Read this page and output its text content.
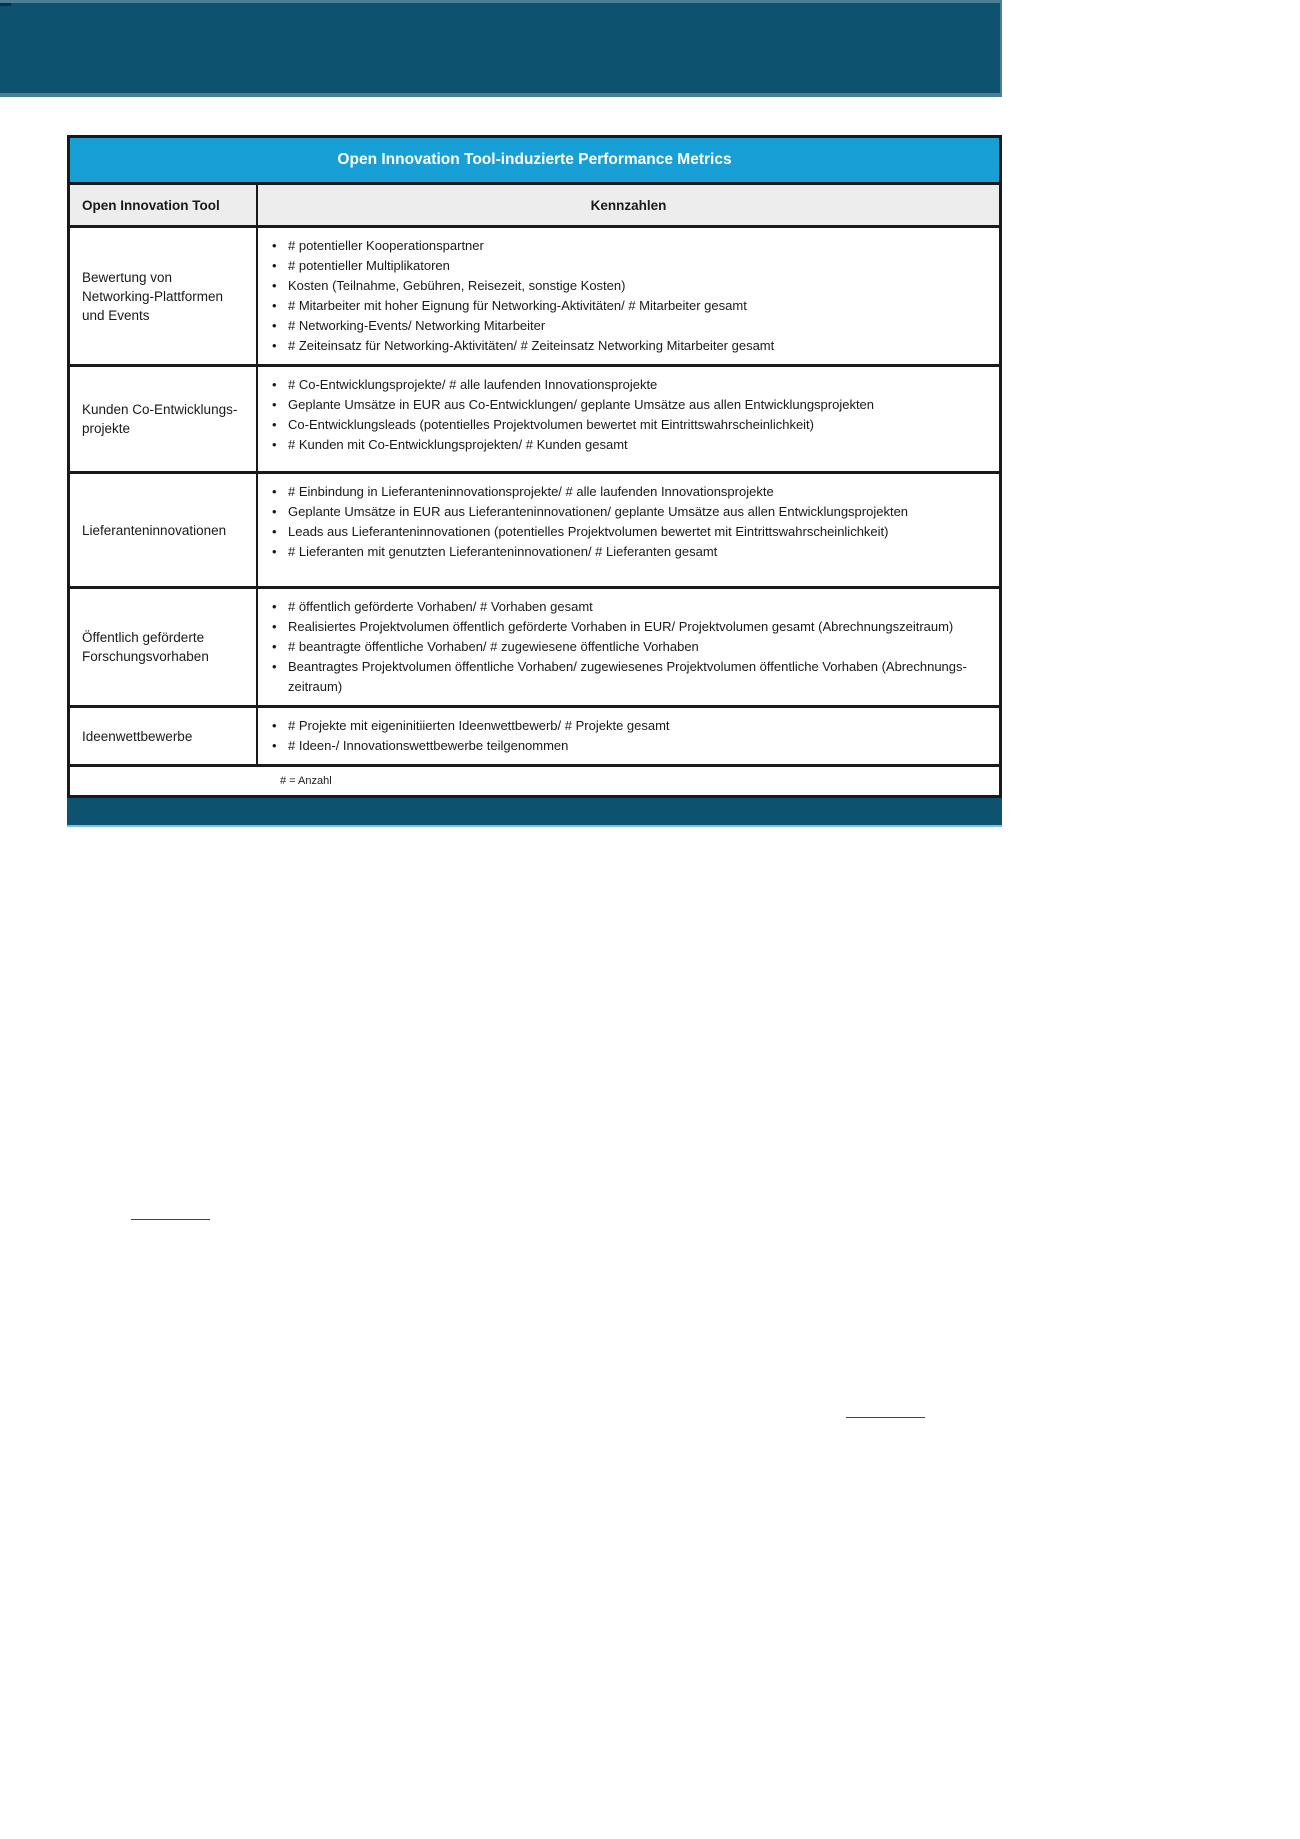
Open Innovation Tool-induzierte Performance Metrics
Open Innovation Tool	Kennzahlen
Bewertung von Networking-Plattformen und Events
• # potentieller Kooperationspartner
• # potentieller Multiplikatoren
• Kosten (Teilnahme, Gebühren, Reisezeit, sonstige Kosten)
• # Mitarbeiter mit hoher Eignung für Networking-Aktivitäten/ # Mitarbeiter gesamt
• # Networking-Events/ Networking Mitarbeiter
• # Zeiteinsatz für Networking-Aktivitäten/ # Zeiteinsatz Networking Mitarbeiter gesamt
Kunden Co-Entwicklungs-projekte
• # Co-Entwicklungsprojekte/ # alle laufenden Innovationsprojekte
• Geplante Umsätze in EUR aus Co-Entwicklungen/ geplante Umsätze aus allen Entwicklungsprojekten
• Co-Entwicklungsleads (potentielles Projektvolumen bewertet mit Eintrittswahrscheinlichkeit)
• # Kunden mit Co-Entwicklungsprojekten/ # Kunden gesamt
Lieferanteninnovationen
• # Einbindung in Lieferanteninnovationsprojekte/ # alle laufenden Innovationsprojekte
• Geplante Umsätze in EUR aus Lieferanteninnovationen/ geplante Umsätze aus allen Entwicklungsprojekten
• Leads aus Lieferanteninnovationen (potentielles Projektvolumen bewertet mit Eintrittswahrscheinlichkeit)
• # Lieferanten mit genutzten Lieferanteninnovationen/ # Lieferanten gesamt
Öffentlich geförderte Forschungsvorhaben
• # öffentlich geförderte Vorhaben/ # Vorhaben gesamt
• Realisiertes Projektvolumen öffentlich geförderte Vorhaben in EUR/ Projektvolumen gesamt (Abrechnungszeitraum)
• # beantragte öffentliche Vorhaben/ # zugewiesene öffentliche Vorhaben
• Beantragtes Projektvolumen öffentliche Vorhaben/ zugewiesenes Projektvolumen öffentliche Vorhaben (Abrechnungs-zeitraum)
Ideenwettbewerbe
• # Projekte mit eigeninitiierten Ideenwettbewerb/ # Projekte gesamt
• # Ideen-/ Innovationswettbewerbe teilgenommen
# = Anzahl
